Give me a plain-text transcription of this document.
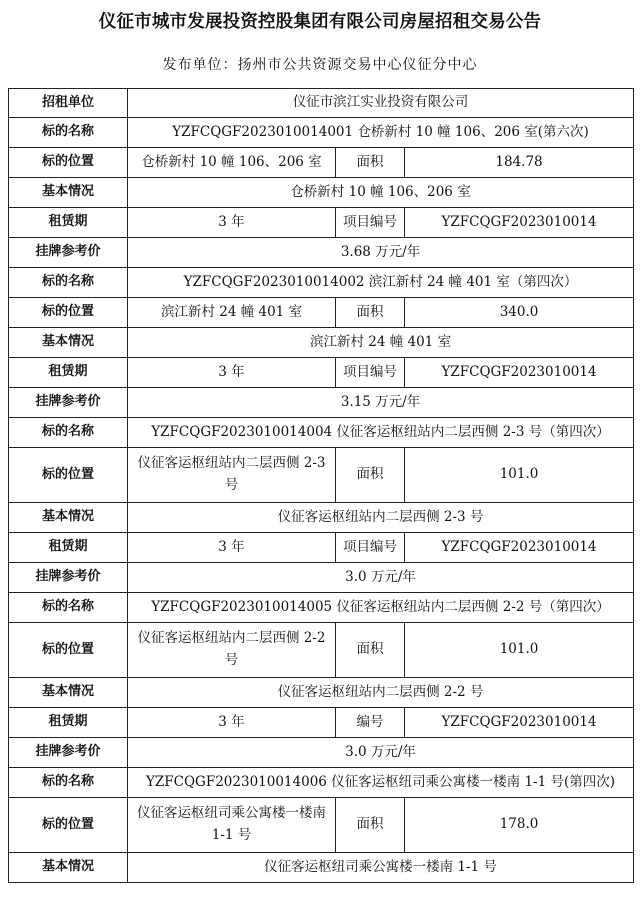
仪征市城市发展投资控股集团有限公司房屋招租交易公告
发布单位：扬州市公共资源交易中心仪征分中心
招租单位	仪征市滨江实业投资有限公司		
标的名称	YZFCQGF2023010014001 仓桥新村 10 幢 106、206 室(第六次)		
标的位置	仓桥新村 10 幢 106、206 室	面积	184.78
基本情况	仓桥新村 10 幢 106、206 室		
租赁期	3 年	项目编号	YZFCQGF2023010014
挂牌参考价	3.68 万元/年		
标的名称	YZFCQGF2023010014002 滨江新村 24 幢 401 室（第四次）		
标的位置	滨江新村 24 幢 401 室	面积	340.0
基本情况	滨江新村 24 幢 401 室		
租赁期	3 年	项目编号	YZFCQGF2023010014
挂牌参考价	3.15 万元/年		
标的名称	YZFCQGF2023010014004 仪征客运枢纽站内二层西侧 2-3 号（第四次）		
标的位置	仪征客运枢纽站内二层西侧 2-3 号	面积	101.0
基本情况	仪征客运枢纽站内二层西侧 2-3 号		
租赁期	3 年	项目编号	YZFCQGF2023010014
挂牌参考价	3.0 万元/年		
标的名称	YZFCQGF2023010014005 仪征客运枢纽站内二层西侧 2-2 号（第四次）		
标的位置	仪征客运枢纽站内二层西侧 2-2 号	面积	101.0
基本情况	仪征客运枢纽站内二层西侧 2-2 号		
租赁期	3 年	编号	YZFCQGF2023010014
挂牌参考价	3.0 万元/年		
标的名称	YZFCQGF2023010014006 仪征客运枢纽司乘公寓楼一楼南 1-1 号(第四次)		
标的位置	仪征客运枢纽司乘公寓楼一楼南 1-1 号	面积	178.0
基本情况	仪征客运枢纽司乘公寓楼一楼南 1-1 号		
